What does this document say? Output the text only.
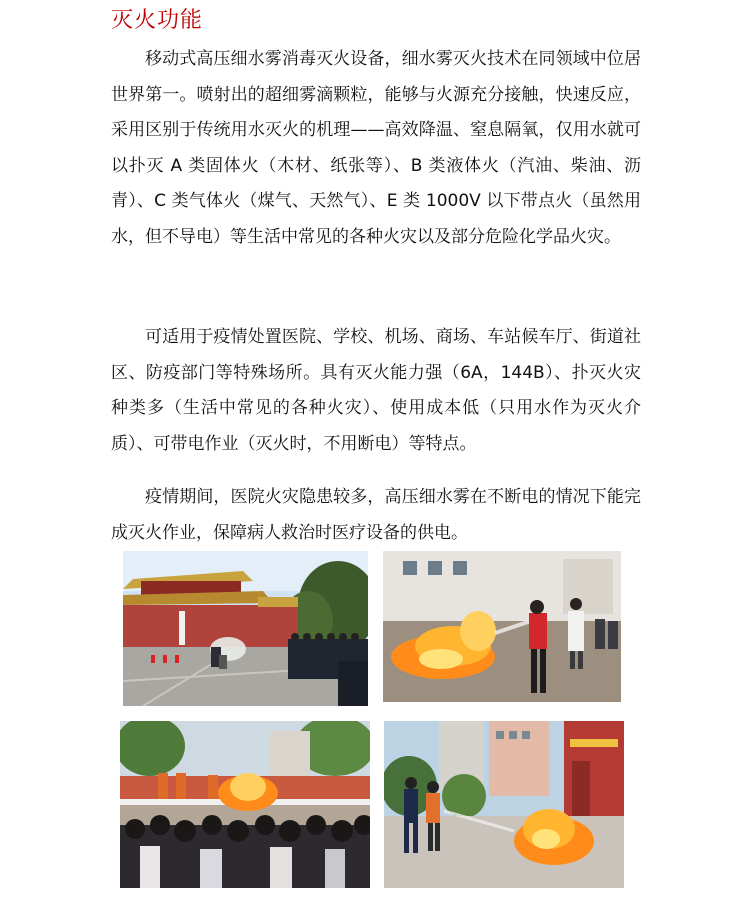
灭火功能

移动式高压细水雾消毒灭火设备，细水雾灭火技术在同领域中位居世界第一。喷射出的超细雾滴颗粒，能够与火源充分接触，快速反应，采用区别于传统用水灭火的机理——高效降温、窒息隔氧，仅用水就可以扑灭 A 类固体火（木材、纸张等）、B 类液体火（汽油、柴油、沥青）、C 类气体火（煤气、天然气）、E 类 1000V 以下带点火（虽然用水，但不导电）等生活中常见的各种火灾以及部分危险化学品火灾。

可适用于疫情处置医院、学校、机场、商场、车站候车厅、街道社区、防疫部门等特殊场所。具有灭火能力强（6A，144B）、扑灭火灾种类多（生活中常见的各种火灾）、使用成本低（只用水作为灭火介质）、可带电作业（灭火时，不用断电）等特点。

疫情期间，医院火灾隐患较多，高压细水雾在不断电的情况下能完成灭火作业，保障病人救治时医疗设备的供电。
